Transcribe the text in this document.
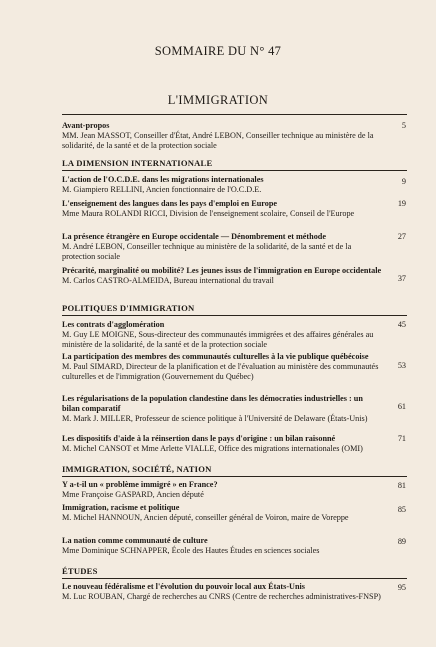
SOMMAIRE DU N° 47
L'IMMIGRATION
Avant-propos
MM. Jean MASSOT, Conseiller d'État, André LEBON, Conseiller technique au ministère de la solidarité, de la santé et de la protection sociale
5
LA DIMENSION INTERNATIONALE
L'action de l'O.C.D.E. dans les migrations internationales
M. Giampiero RELLINI, Ancien fonctionnaire de l'O.C.D.E.
9
L'enseignement des langues dans les pays d'emploi en Europe
Mme Maura ROLANDI RICCI, Division de l'enseignement scolaire, Conseil de l'Europe
19
La présence étrangère en Europe occidentale — Dénombrement et méthode
M. André LEBON, Conseiller technique au ministère de la solidarité, de la santé et de la protection sociale
27
Précarité, marginalité ou mobilité? Les jeunes issus de l'immigration en Europe occidentale
M. Carlos CASTRO-ALMEIDA, Bureau international du travail	37
POLITIQUES D'IMMIGRATION
Les contrats d'agglomération
M. Guy LE MOIGNE, Sous-directeur des communautés immigrées et des affaires générales au ministère de la solidarité, de la santé et de la protection sociale
45
La participation des membres des communautés culturelles à la vie publique québécoise
M. Paul SIMARD, Directeur de la planification et de l'évaluation au ministère des communautés culturelles et de l'immigration (Gouvernement du Québec)
53
Les régularisations de la population clandestine dans les démocraties industrielles : un bilan comparatif
M. Mark J. MILLER, Professeur de science politique à l'Université de Delaware (États-Unis)
61
Les dispositifs d'aide à la réinsertion dans le pays d'origine : un bilan raisonné
M. Michel CANSOT et Mme Arlette VIALLE, Office des migrations internationales (OMI)
71
IMMIGRATION, SOCIÉTÉ, NATION
Y a-t-il un « problème immigré » en France?
Mme Françoise GASPARD, Ancien député
81
Immigration, racisme et politique
M. Michel HANNOUN, Ancien député, conseiller général de Voiron, maire de Voreppe
85
La nation comme communauté de culture
Mme Dominique SCHNAPPER, École des Hautes Études en sciences sociales
89
ÉTUDES
Le nouveau fédéralisme et l'évolution du pouvoir local aux États-Unis
M. Luc ROUBAN, Chargé de recherches au CNRS (Centre de recherches administratives-FNSP)
95
